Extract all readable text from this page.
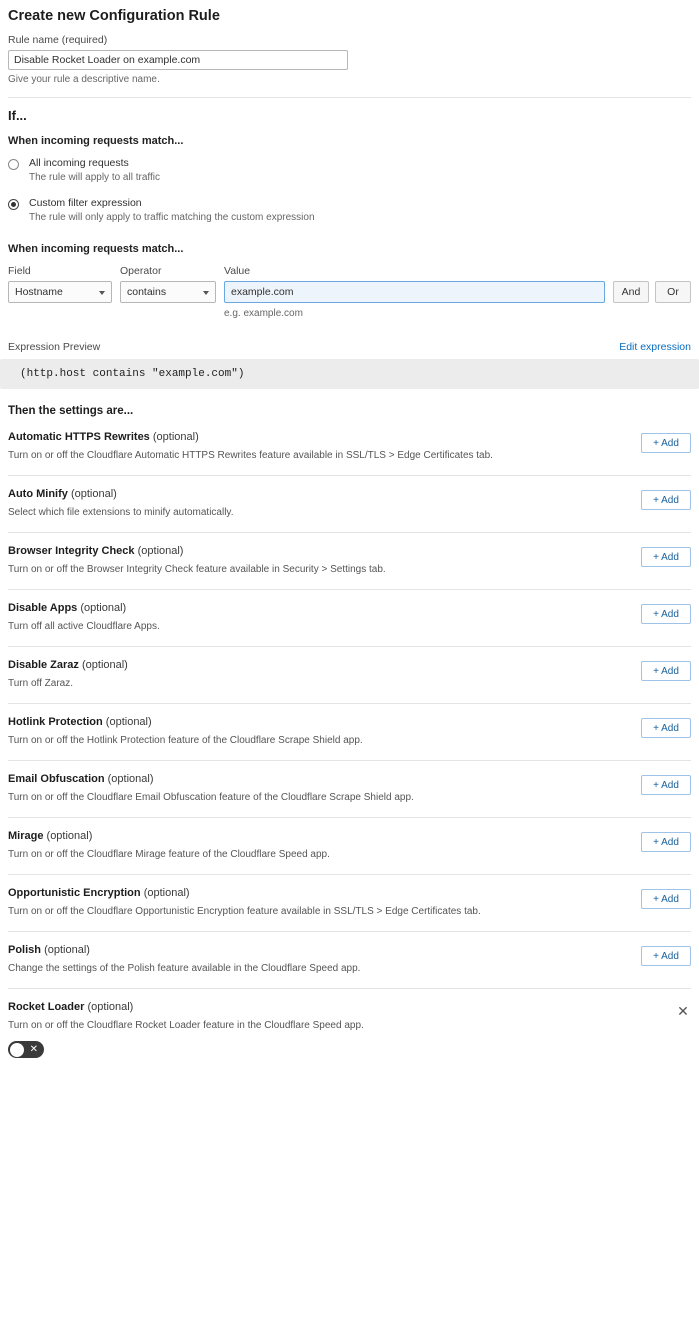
Create new Configuration Rule
Rule name (required)
Disable Rocket Loader on example.com
Give your rule a descriptive name.
If...
When incoming requests match...
All incoming requests
The rule will apply to all traffic
Custom filter expression
The rule will only apply to traffic matching the custom expression
When incoming requests match...
Field
Hostname
Operator
contains
Value
example.com
e.g. example.com
And	Or
Expression Preview	Edit expression
(http.host contains "example.com")
Then the settings are...
Automatic HTTPS Rewrites (optional)
Turn on or off the Cloudflare Automatic HTTPS Rewrites feature available in SSL/TLS > Edge Certificates tab.
+ Add
Auto Minify (optional)
Select which file extensions to minify automatically.
+ Add
Browser Integrity Check (optional)
Turn on or off the Browser Integrity Check feature available in Security > Settings tab.
+ Add
Disable Apps (optional)
Turn off all active Cloudflare Apps.
+ Add
Disable Zaraz (optional)
Turn off Zaraz.
+ Add
Hotlink Protection (optional)
Turn on or off the Hotlink Protection feature of the Cloudflare Scrape Shield app.
+ Add
Email Obfuscation (optional)
Turn on or off the Cloudflare Email Obfuscation feature of the Cloudflare Scrape Shield app.
+ Add
Mirage (optional)
Turn on or off the Cloudflare Mirage feature of the Cloudflare Speed app.
+ Add
Opportunistic Encryption (optional)
Turn on or off the Cloudflare Opportunistic Encryption feature available in SSL/TLS > Edge Certificates tab.
+ Add
Polish (optional)
Change the settings of the Polish feature available in the Cloudflare Speed app.
+ Add
Rocket Loader (optional)
Turn on or off the Cloudflare Rocket Loader feature in the Cloudflare Speed app.
✕
✕
